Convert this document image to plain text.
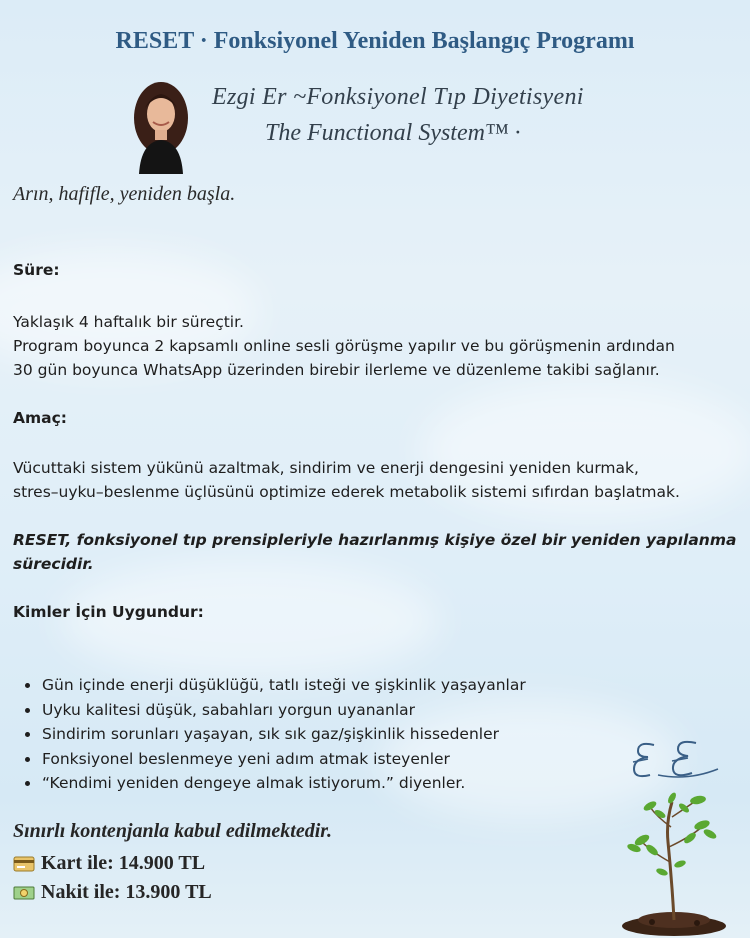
RESET · Fonksiyonel Yeniden Başlangıç Programı
Ezgi Er ~Fonksiyonel Tıp Diyetisyeni
The Functional System™ ·
Arın, hafifle, yeniden başla.

Süre:

Yaklaşık 4 haftalık bir süreçtir.

Program boyunca 2 kapsamlı online sesli görüşme yapılır ve bu görüşmenin ardından

30 gün boyunca WhatsApp üzerinden birebir ilerleme ve düzenleme takibi sağlanır.

Amaç:

Vücuttaki sistem yükünü azaltmak, sindirim ve enerji dengesini yeniden kurmak,

stres–uyku–beslenme üçlüsünü optimize ederek metabolik sistemi sıfırdan başlatmak.

RESET, fonksiyonel tıp prensipleriyle hazırlanmış kişiye özel bir yeniden yapılanma

sürecidir.

Kimler İçin Uygundur:

• Gün içinde enerji düşüklüğü, tatlı isteği ve şişkinlik yaşayanlar
• Uyku kalitesi düşük, sabahları yorgun uyananlar
• Sindirim sorunları yaşayan, sık sık gaz/şişkinlik hissedenler
• Fonksiyonel beslenmeye yeni adım atmak isteyenler
• “Kendimi yeniden dengeye almak istiyorum.” diyenler.
Sınırlı kontenjanla kabul edilmektedir.
Kart ile: 14.900 TL
Nakit ile: 13.900 TL
